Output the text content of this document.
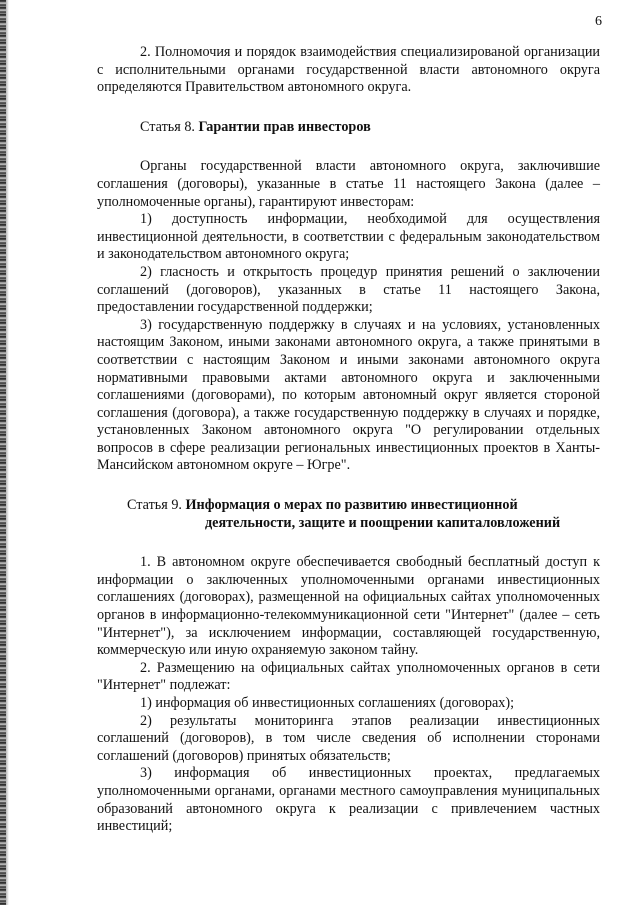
6

2. Полномочия и порядок взаимодействия специализированой организации с исполнительными органами государственной власти автономного округа определяются Правительством автономного округа.

Статья 8. Гарантии прав инвесторов

Органы государственной власти автономного округа, заключившие соглашения (договоры), указанные в статье 11 настоящего Закона (далее – уполномоченные органы), гарантируют инвесторам:

1) доступность информации, необходимой для осуществления инвестиционной деятельности, в соответствии с федеральным законодательством и законодательством автономного округа;

2) гласность и открытость процедур принятия решений о заключении соглашений (договоров), указанных в статье 11 настоящего Закона, предоставлении государственной поддержки;

3) государственную поддержку в случаях и на условиях, установленных настоящим Законом, иными законами автономного округа, а также принятыми в соответствии с настоящим Законом и иными законами автономного округа нормативными правовыми актами автономного округа и заключенными соглашениями (договорами), по которым автономный округ является стороной соглашения (договора), а также государственную поддержку в случаях и порядке, установленных Законом автономного округа "О регулировании отдельных вопросов в сфере реализации региональных инвестиционных проектов в Ханты-Мансийском автономном округе – Югре".

Статья 9. Информация о мерах по развитию инвестиционной
деятельности, защите и поощрении капиталовложений

1. В автономном округе обеспечивается свободный бесплатный доступ к информации о заключенных уполномоченными органами инвестиционных соглашениях (договорах), размещенной на официальных сайтах уполномоченных органов в информационно-телекоммуникационной сети "Интернет" (далее – сеть "Интернет"), за исключением информации, составляющей государственную, коммерческую или иную охраняемую законом тайну.

2. Размещению на официальных сайтах уполномоченных органов в сети "Интернет" подлежат:

1) информация об инвестиционных соглашениях (договорах);

2) результаты мониторинга этапов реализации инвестиционных соглашений (договоров), в том числе сведения об исполнении сторонами соглашений (договоров) принятых обязательств;

3) информация об инвестиционных проектах, предлагаемых уполномоченными органами, органами местного самоуправления муниципальных образований автономного округа к реализации с привлечением частных инвестиций;
